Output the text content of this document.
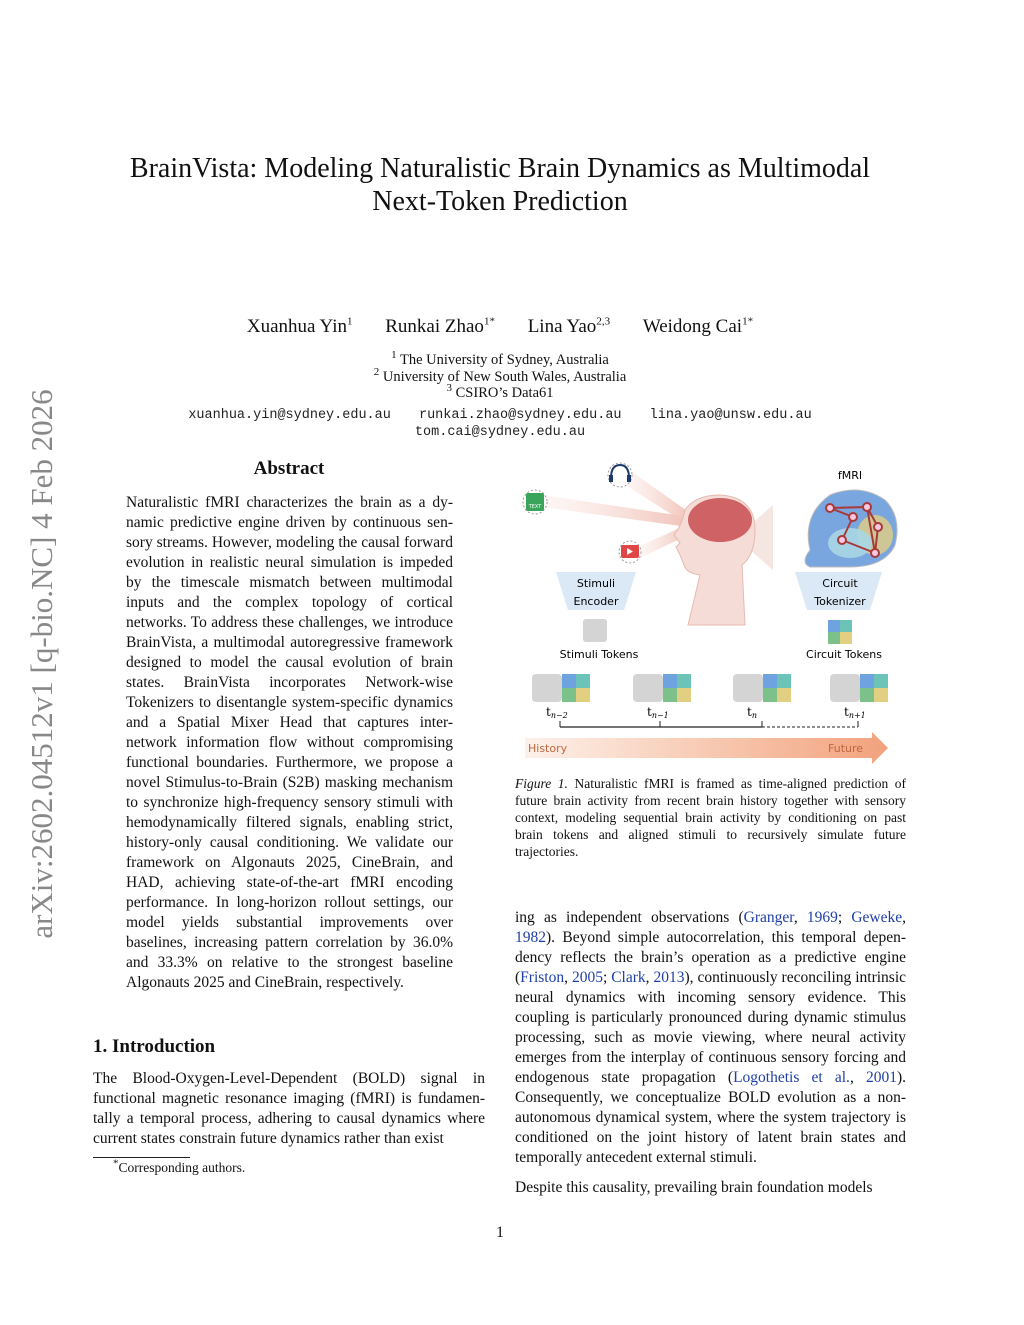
arXiv:2602.04512v1 [q-bio.NC] 4 Feb 2026
BrainVista: Modeling Naturalistic Brain Dynamics as Multimodal
Next-Token Prediction
Xuanhua Yin$^1$ Runkai Zhao$^{1*}$ Lina Yao$^{2,3}$ Weidong Cai$^{1*}$
$^1$ The University of Sydney, Australia
$^2$ University of New South Wales, Australia
$^3$ CSIRO’s Data61
xuanhua.yin@sydney.edu.au runkai.zhao@sydney.edu.au lina.yao@unsw.edu.au
tom.cai@sydney.edu.au
Abstract
Naturalistic fMRI characterizes the brain as a dynamic predictive engine driven by continuous sensory streams. However, modeling the causal forward evolution in realistic neural simulation is impeded by the timescale mismatch between multimodal inputs and the complex topology of cortical networks. To address these challenges, we introduce BrainVista, a multimodal autoregressive framework designed to model the causal evolution of brain states. BrainVista incorporates Network-wise Tokenizers to disentangle system-specific dynamics and a Spatial Mixer Head that captures inter-network information flow without compromising functional boundaries. Furthermore, we propose a novel Stimulus-to-Brain (S2B) masking mechanism to synchronize high-frequency sensory stimuli with hemodynamically filtered signals, enabling strict, history-only causal conditioning. We validate our framework on Algonauts 2025, CineBrain, and HAD, achieving state-of-the-art fMRI encoding performance. In long-horizon rollout settings, our model yields substantial improvements over baselines, increasing pattern correlation by 36.0% and 33.3% on relative to the strongest baseline Algonauts 2025 and CineBrain, respectively.
1. Introduction
The Blood-Oxygen-Level-Dependent (BOLD) signal in functional magnetic resonance imaging (fMRI) is fundamentally a temporal process, adhering to causal dynamics where current states constrain future dynamics rather than exist
*Corresponding authors.
TEXT
fMRI
Stimuli
Encoder
Circuit
Tokenizer
Stimuli Tokens	Circuit Tokens
tn−2	tn−1	tn	tn+1
History	Future
Figure 1. Naturalistic fMRI is framed as time-aligned prediction of future brain activity from recent brain history together with sensory context, modeling sequential brain activity by conditioning on past brain tokens and aligned stimuli to recursively simulate future trajectories.
ing as independent observations (Granger, 1969; Geweke, 1982). Beyond simple autocorrelation, this temporal dependency reflects the brain’s operation as a predictive engine (Friston, 2005; Clark, 2013), continuously reconciling intrinsic neural dynamics with incoming sensory evidence. This coupling is particularly pronounced during dynamic stimulus processing, such as movie viewing, where neural activity emerges from the interplay of continuous sensory forcing and endogenous state propagation (Logothetis et al., 2001). Consequently, we conceptualize BOLD evolution as a non-autonomous dynamical system, where the system trajectory is conditioned on the joint history of latent brain states and temporally antecedent external stimuli.
Despite this causality, prevailing brain foundation models
1
